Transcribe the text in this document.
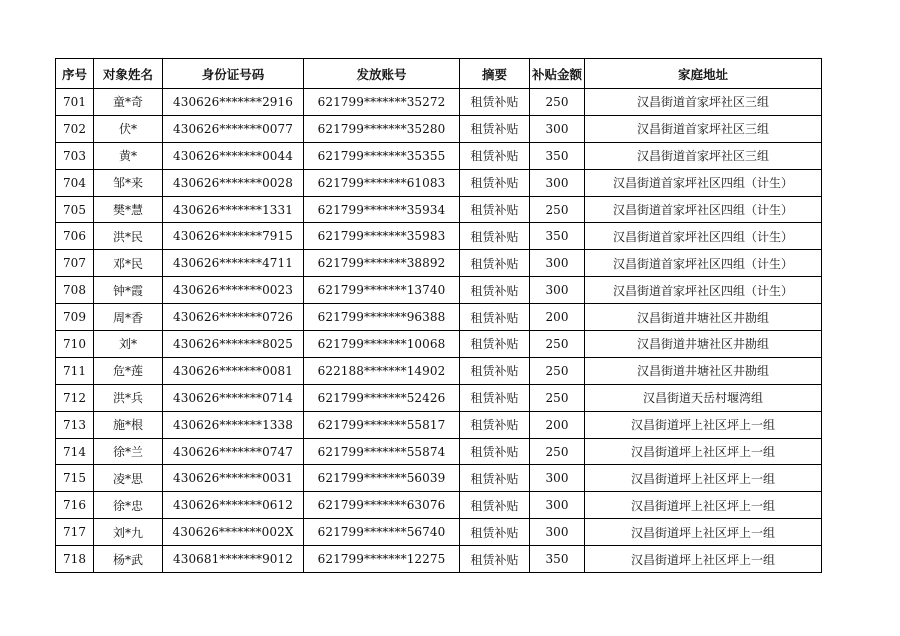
序号	对象姓名	身份证号码	发放账号	摘要	补贴金额	家庭地址
701	童*奇	430626*******2916	621799*******35272	租赁补贴	250	汉昌街道首家坪社区三组
702	伏*	430626*******0077	621799*******35280	租赁补贴	300	汉昌街道首家坪社区三组
703	黄*	430626*******0044	621799*******35355	租赁补贴	350	汉昌街道首家坪社区三组
704	邹*来	430626*******0028	621799*******61083	租赁补贴	300	汉昌街道首家坪社区四组（计生）
705	樊*慧	430626*******1331	621799*******35934	租赁补贴	250	汉昌街道首家坪社区四组（计生）
706	洪*民	430626*******7915	621799*******35983	租赁补贴	350	汉昌街道首家坪社区四组（计生）
707	邓*民	430626*******4711	621799*******38892	租赁补贴	300	汉昌街道首家坪社区四组（计生）
708	钟*霞	430626*******0023	621799*******13740	租赁补贴	300	汉昌街道首家坪社区四组（计生）
709	周*香	430626*******0726	621799*******96388	租赁补贴	200	汉昌街道井塘社区井勘组
710	刘*	430626*******8025	621799*******10068	租赁补贴	250	汉昌街道井塘社区井勘组
711	危*莲	430626*******0081	622188*******14902	租赁补贴	250	汉昌街道井塘社区井勘组
712	洪*兵	430626*******0714	621799*******52426	租赁补贴	250	汉昌街道天岳村堰湾组
713	施*根	430626*******1338	621799*******55817	租赁补贴	200	汉昌街道坪上社区坪上一组
714	徐*兰	430626*******0747	621799*******55874	租赁补贴	250	汉昌街道坪上社区坪上一组
715	凌*思	430626*******0031	621799*******56039	租赁补贴	300	汉昌街道坪上社区坪上一组
716	徐*忠	430626*******0612	621799*******63076	租赁补贴	300	汉昌街道坪上社区坪上一组
717	刘*九	430626*******002X	621799*******56740	租赁补贴	300	汉昌街道坪上社区坪上一组
718	杨*武	430681*******9012	621799*******12275	租赁补贴	350	汉昌街道坪上社区坪上一组
